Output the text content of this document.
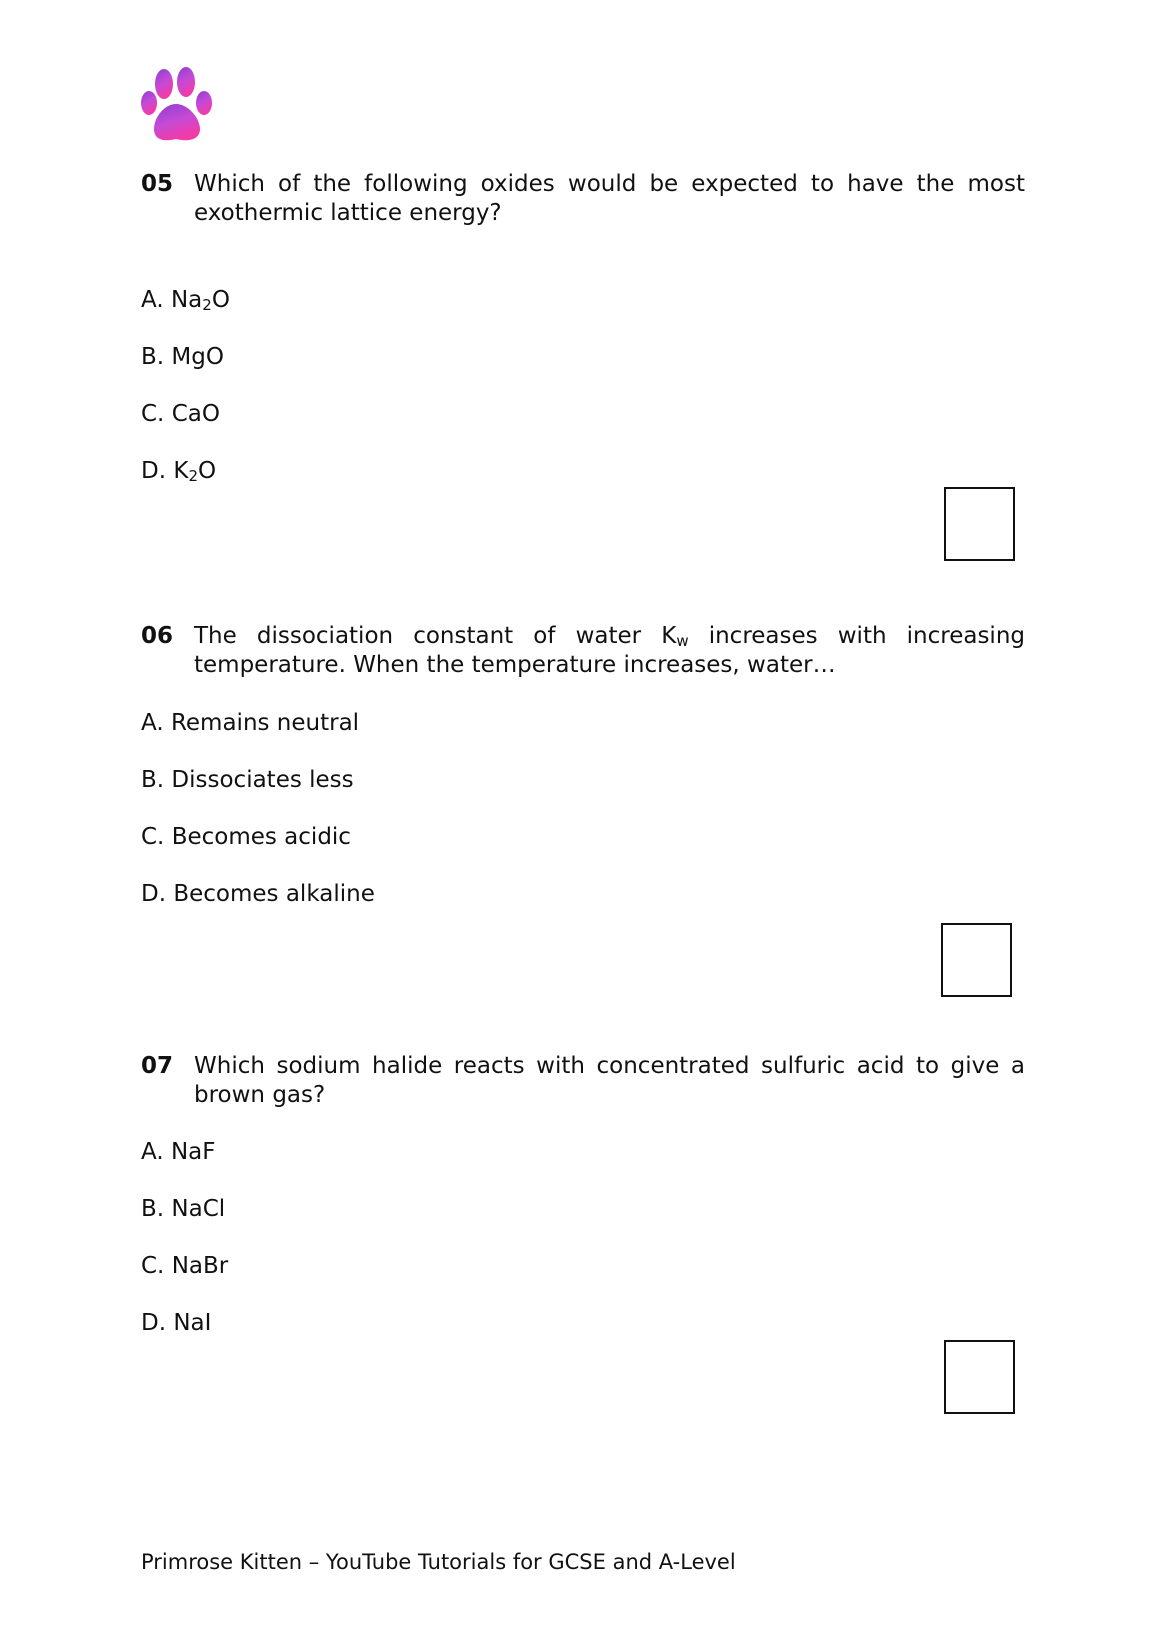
05 Which of the following oxides would be expected to have the most exothermic lattice energy?
A. $Na_2O$
B. MgO
C. CaO
D. $K_2O$
06 The dissociation constant of water $K_w$ increases with increasing temperature. When the temperature increases, water…
A. Remains neutral
B. Dissociates less
C. Becomes acidic
D. Becomes alkaline
07 Which sodium halide reacts with concentrated sulfuric acid to give a brown gas?
A. NaF
B. NaCl
C. NaBr
D. NaI
Primrose Kitten – YouTube Tutorials for GCSE and A-Level
